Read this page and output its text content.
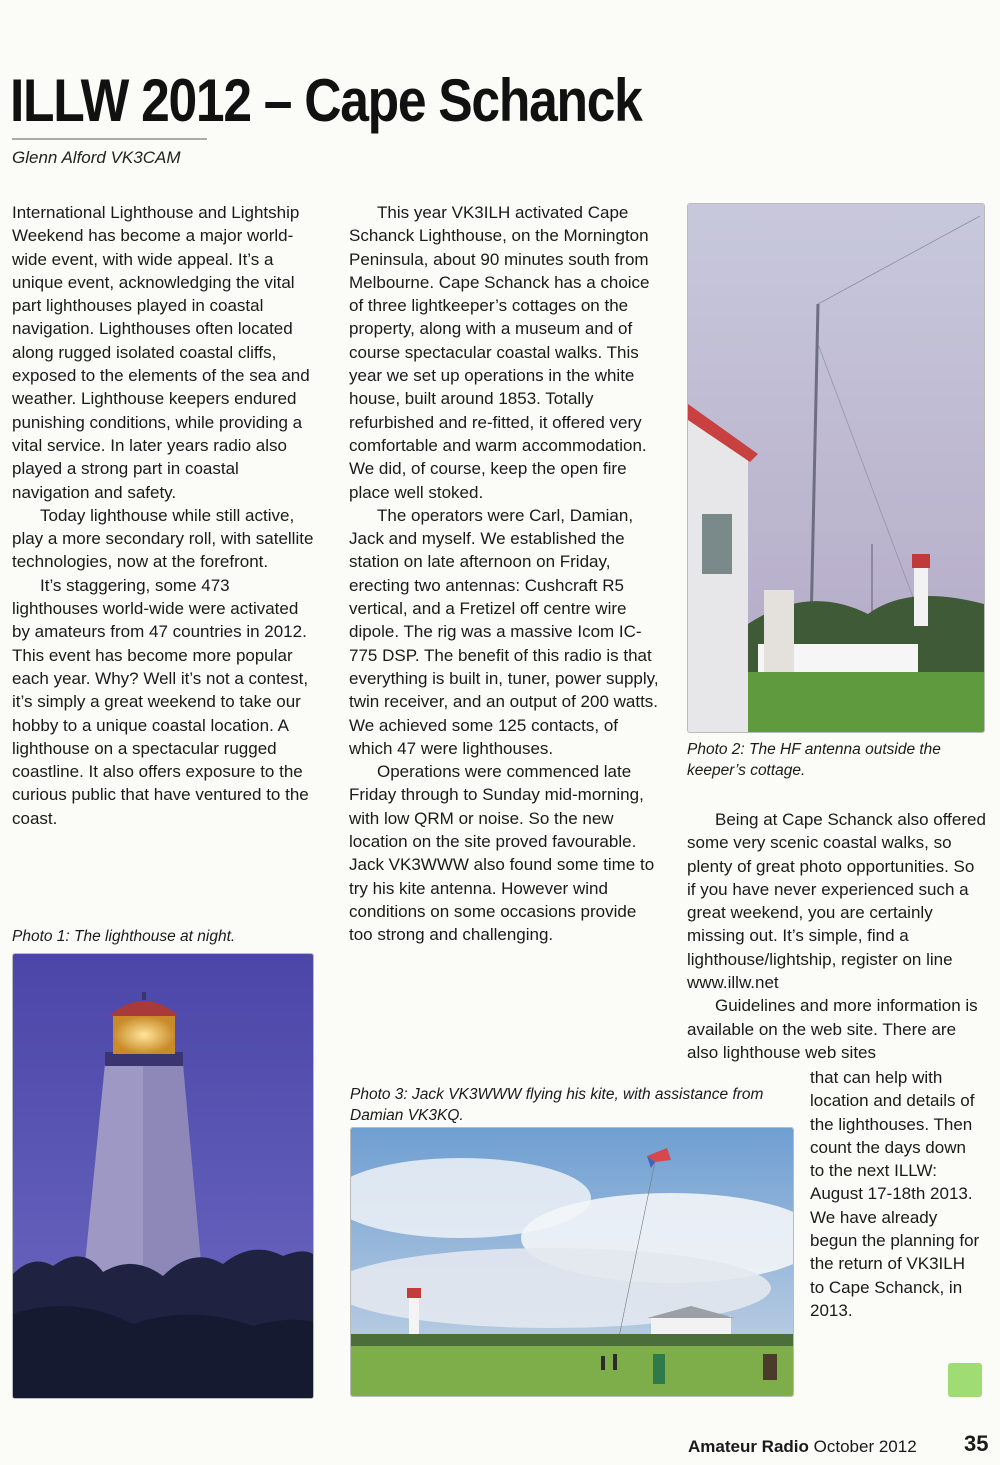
ILLW 2012 – Cape Schanck
Glenn Alford VK3CAM

International Lighthouse and Lightship Weekend has become a major world-wide event, with wide appeal. It’s a unique event, acknowledging the vital part lighthouses played in coastal navigation. Lighthouses often located along rugged isolated coastal cliffs, exposed to the elements of the sea and weather. Lighthouse keepers endured punishing conditions, while providing a vital service. In later years radio also played a strong part in coastal navigation and safety.

Today lighthouse while still active, play a more secondary roll, with satellite technologies, now at the forefront.

It’s staggering, some 473 lighthouses world-wide were activated by amateurs from 47 countries in 2012. This event has become more popular each year. Why? Well it’s not a contest, it’s simply a great weekend to take our hobby to a unique coastal location. A lighthouse on a spectacular rugged coastline. It also offers exposure to the curious public that have ventured to the coast.

Photo 1: The lighthouse at night.

This year VK3ILH activated Cape Schanck Lighthouse, on the Mornington Peninsula, about 90 minutes south from Melbourne. Cape Schanck has a choice of three lightkeeper’s cottages on the property, along with a museum and of course spectacular coastal walks. This year we set up operations in the white house, built around 1853. Totally refurbished and re-fitted, it offered very comfortable and warm accommodation. We did, of course, keep the open fire place well stoked.

The operators were Carl, Damian, Jack and myself. We established the station on late afternoon on Friday, erecting two antennas: Cushcraft R5 vertical, and a Fretizel off centre wire dipole. The rig was a massive Icom IC-775 DSP. The benefit of this radio is that everything is built in, tuner, power supply, twin receiver, and an output of 200 watts. We achieved some 125 contacts, of which 47 were lighthouses.

Operations were commenced late Friday through to Sunday mid-morning, with low QRM or noise. So the new location on the site proved favourable. Jack VK3WWW also found some time to try his kite antenna. However wind conditions on some occasions provide too strong and challenging.

Photo 3: Jack VK3WWW flying his kite, with assistance from Damian VK3KQ.
Photo 2: The HF antenna outside the keeper’s cottage.

Being at Cape Schanck also offered some very scenic coastal walks, so plenty of great photo opportunities. So if you have never experienced such a great weekend, you are certainly missing out. It’s simple, find a lighthouse/lightship, register on line www.illw.net

Guidelines and more information is available on the web site. There are also lighthouse web sites

that can help with location and details of the lighthouses. Then count the days down to the next ILLW: August 17-18th 2013. We have already begun the planning for the return of VK3ILH to Cape Schanck, in 2013.

Amateur Radio October 2012 35
